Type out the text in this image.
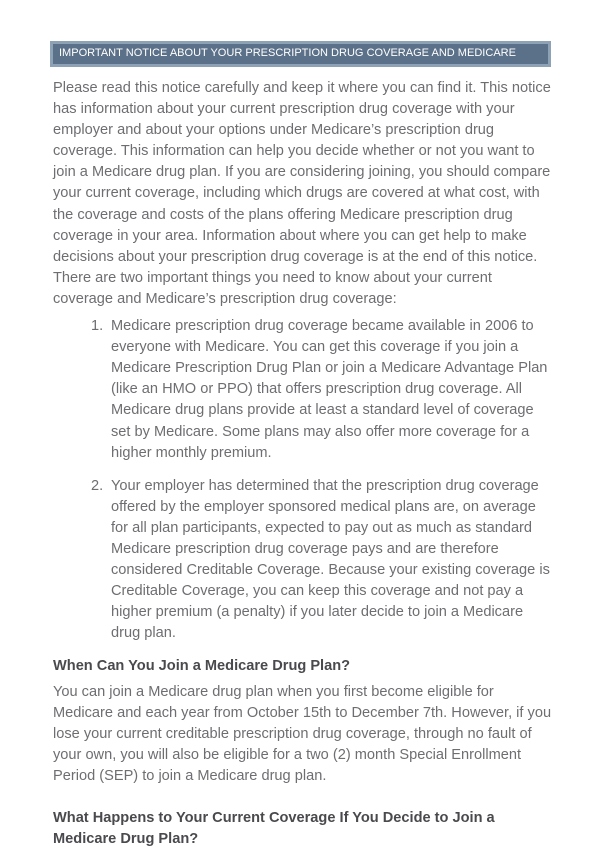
IMPORTANT NOTICE ABOUT YOUR PRESCRIPTION DRUG COVERAGE AND MEDICARE

Please read this notice carefully and keep it where you can find it. This notice has information about your current prescription drug coverage with your employer and about your options under Medicare’s prescription drug coverage. This information can help you decide whether or not you want to join a Medicare drug plan. If you are considering joining, you should compare your current coverage, including which drugs are covered at what cost, with the coverage and costs of the plans offering Medicare prescription drug coverage in your area. Information about where you can get help to make decisions about your prescription drug coverage is at the end of this notice. There are two important things you need to know about your current coverage and Medicare’s prescription drug coverage:

Medicare prescription drug coverage became available in 2006 to everyone with Medicare. You can get this coverage if you join a Medicare Prescription Drug Plan or join a Medicare Advantage Plan (like an HMO or PPO) that offers prescription drug coverage. All Medicare drug plans provide at least a standard level of coverage set by Medicare. Some plans may also offer more coverage for a higher monthly premium.
Your employer has determined that the prescription drug coverage offered by the employer sponsored medical plans are, on average for all plan participants, expected to pay out as much as standard Medicare prescription drug coverage pays and are therefore considered Creditable Coverage. Because your existing coverage is Creditable Coverage, you can keep this coverage and not pay a higher premium (a penalty) if you later decide to join a Medicare drug plan.

When Can You Join a Medicare Drug Plan?

You can join a Medicare drug plan when you first become eligible for Medicare and each year from October 15th to December 7th. However, if you lose your current creditable prescription drug coverage, through no fault of your own, you will also be eligible for a two (2) month Special Enrollment Period (SEP) to join a Medicare drug plan.

What Happens to Your Current Coverage If You Decide to Join a Medicare Drug Plan?
